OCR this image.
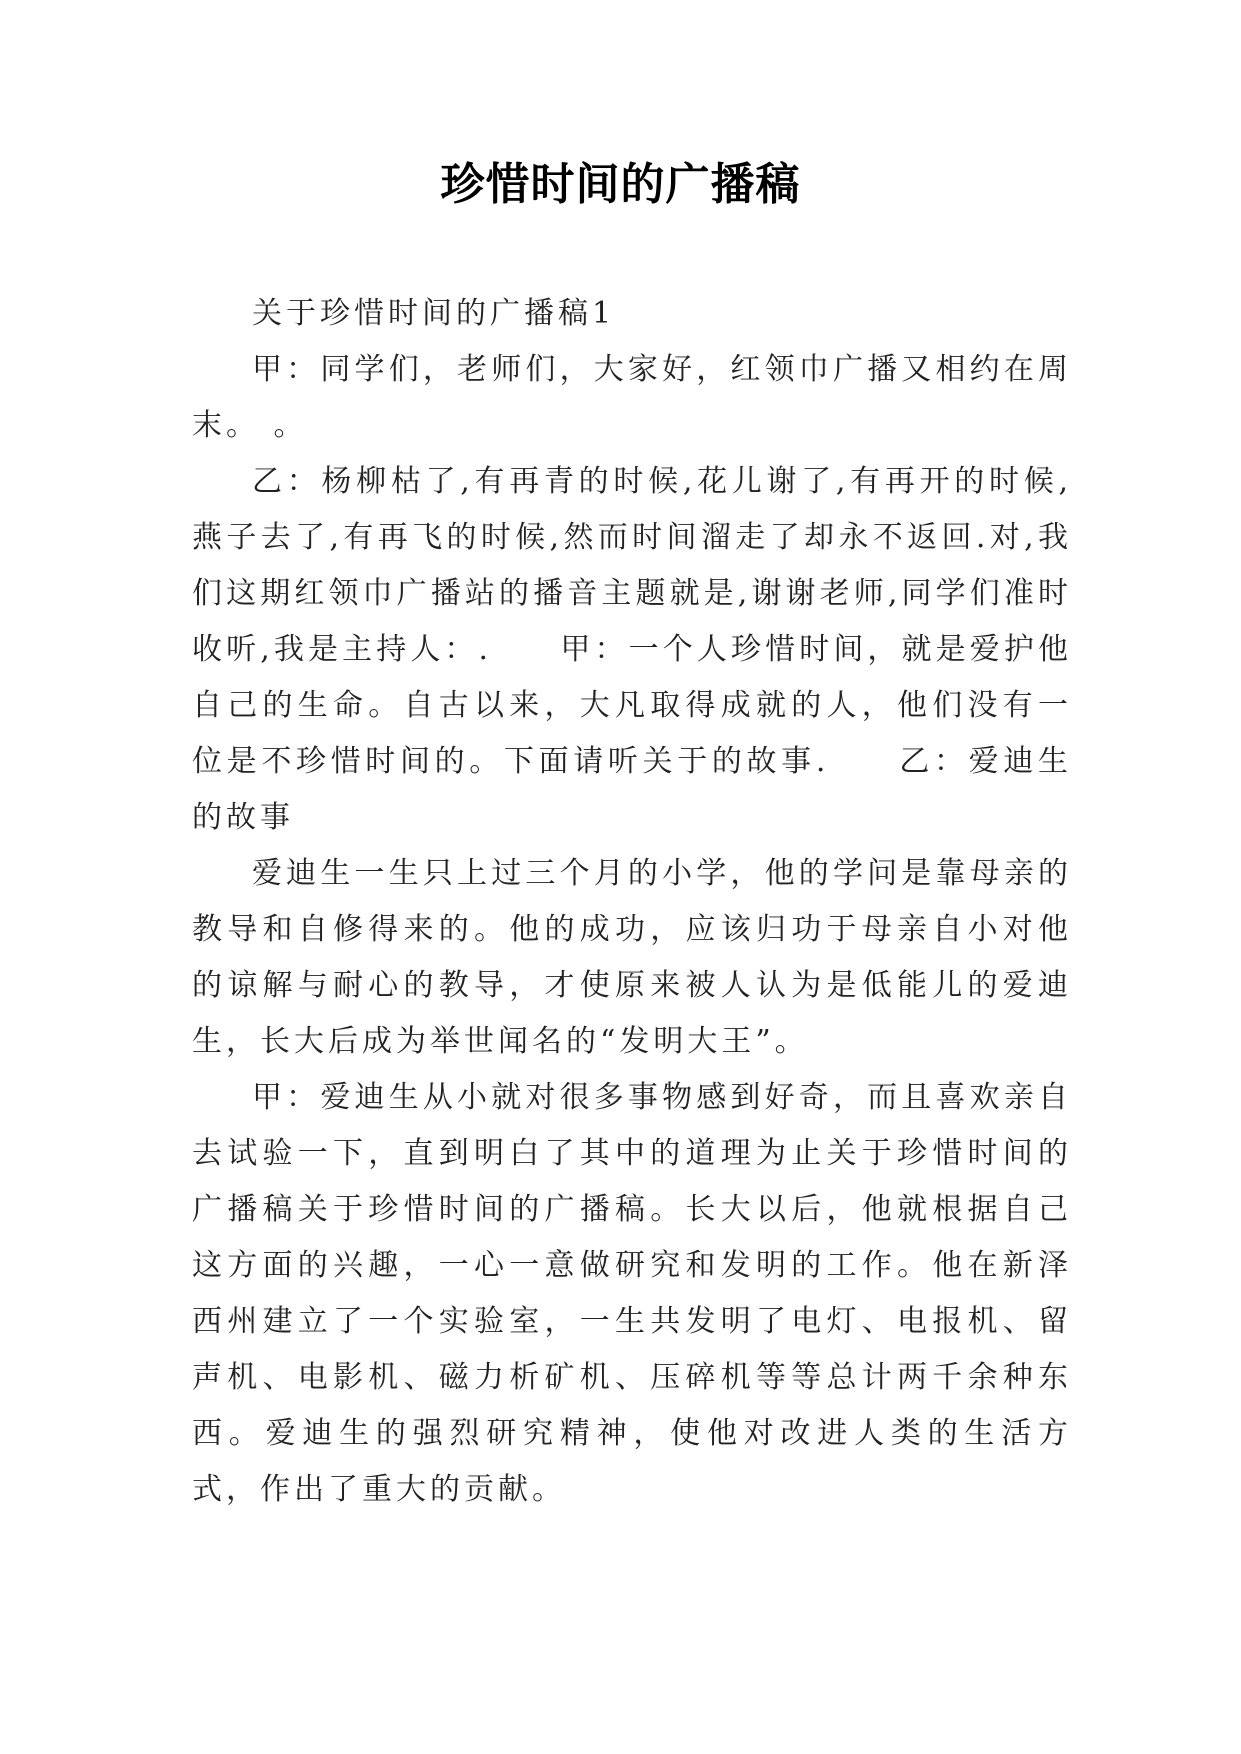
珍惜时间的广播稿

关于珍惜时间的广播稿1

甲：同学们，老师们，大家好，红领巾广播又相约在周末。 。

乙：杨柳枯了,有再青的时候,花儿谢了,有再开的时候,燕子去了,有再飞的时候,然而时间溜走了却永不返回.对,我们这期红领巾广播站的播音主题就是,谢谢老师,同学们准时收听,我是主持人：.　　甲：一个人珍惜时间，就是爱护他自己的生命。自古以来，大凡取得成就的人，他们没有一位是不珍惜时间的。下面请听关于的故事.　　乙：爱迪生的故事

爱迪生一生只上过三个月的小学，他的学问是靠母亲的教导和自修得来的。他的成功，应该归功于母亲自小对他的谅解与耐心的教导，才使原来被人认为是低能儿的爱迪生，长大后成为举世闻名的“发明大王”。

甲：爱迪生从小就对很多事物感到好奇，而且喜欢亲自去试验一下，直到明白了其中的道理为止关于珍惜时间的广播稿关于珍惜时间的广播稿。长大以后，他就根据自己这方面的兴趣，一心一意做研究和发明的工作。他在新泽西州建立了一个实验室，一生共发明了电灯、电报机、留声机、电影机、磁力析矿机、压碎机等等总计两千余种东西。爱迪生的强烈研究精神，使他对改进人类的生活方式，作出了重大的贡献。
